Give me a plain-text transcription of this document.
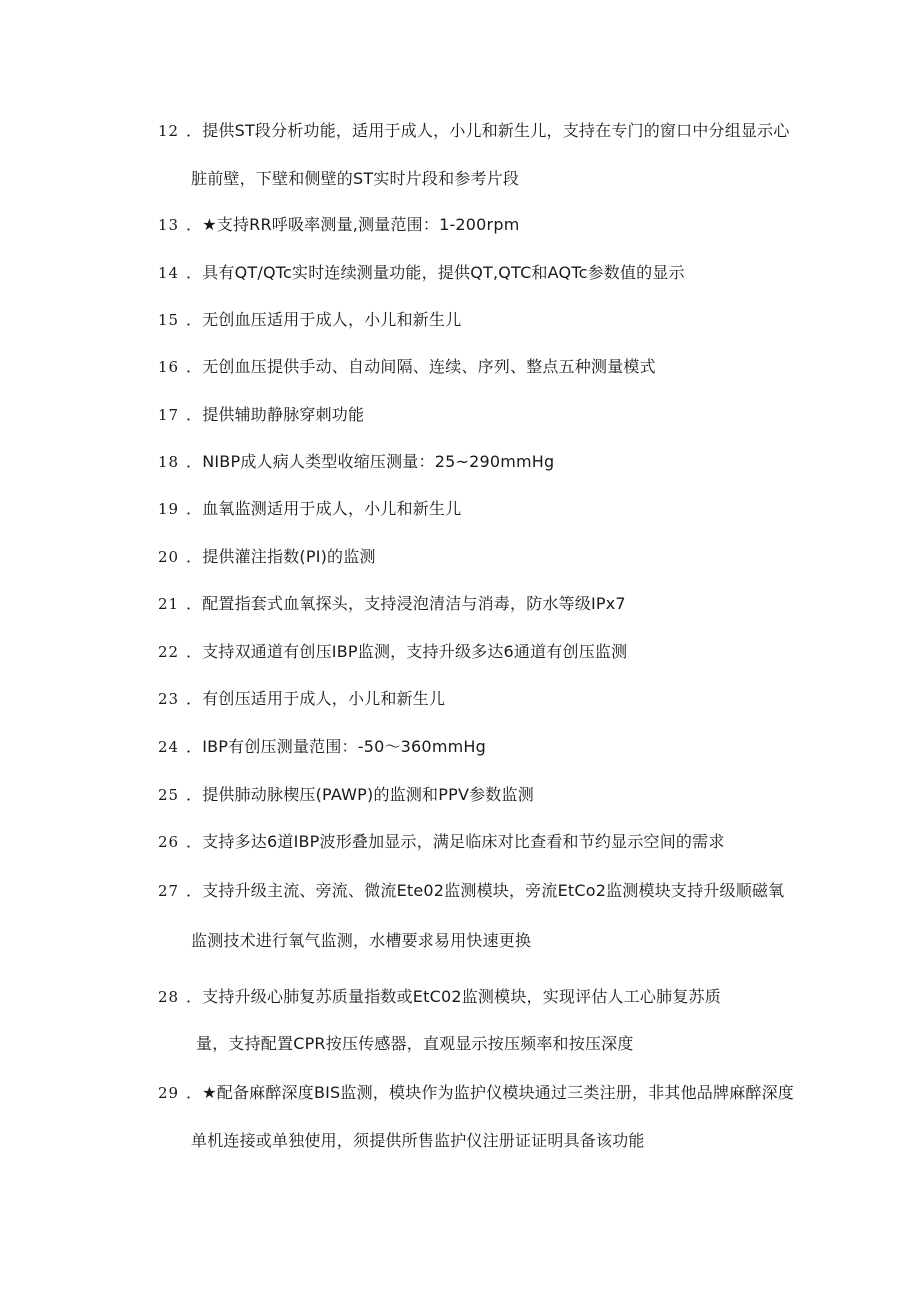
12 ．提供ST段分析功能，适用于成人，小儿和新生儿，支持在专门的窗口中分组显示心
脏前壁，下壁和侧壁的ST实时片段和参考片段
13 ．★支持RR呼吸率测量,测量范围：1-200rpm
14 ．具有QT/QTc实时连续测量功能，提供QT,QTC和AQTc参数值的显示
15 ．无创血压适用于成人，小儿和新生儿
16 ．无创血压提供手动、自动间隔、连续、序列、整点五种测量模式
17 ．提供辅助静脉穿刺功能
18 ．NIBP成人病人类型收缩压测量：25~290mmHg
19 ．血氧监测适用于成人，小儿和新生儿
20 ．提供灌注指数(PI)的监测
21 ．配置指套式血氧探头，支持浸泡清洁与消毒，防水等级IPx7
22 ．支持双通道有创压IBP监测，支持升级多达6通道有创压监测
23 ．有创压适用于成人，小儿和新生儿
24 ．IBP有创压测量范围：-50～360mmHg
25 ．提供肺动脉楔压(PAWP)的监测和PPV参数监测
26 ．支持多达6道IBP波形叠加显示，满足临床对比查看和节约显示空间的需求
27 ．支持升级主流、旁流、微流Ete02监测模块，旁流EtCo2监测模块支持升级顺磁氧
监测技术进行氧气监测，水槽要求易用快速更换
28 ．支持升级心肺复苏质量指数或EtC02监测模块，实现评估人工心肺复苏质
量，支持配置CPR按压传感器，直观显示按压频率和按压深度
29 ．★配备麻醉深度BIS监测，模块作为监护仪模块通过三类注册，非其他品牌麻醉深度
单机连接或单独使用，须提供所售监护仪注册证证明具备该功能
